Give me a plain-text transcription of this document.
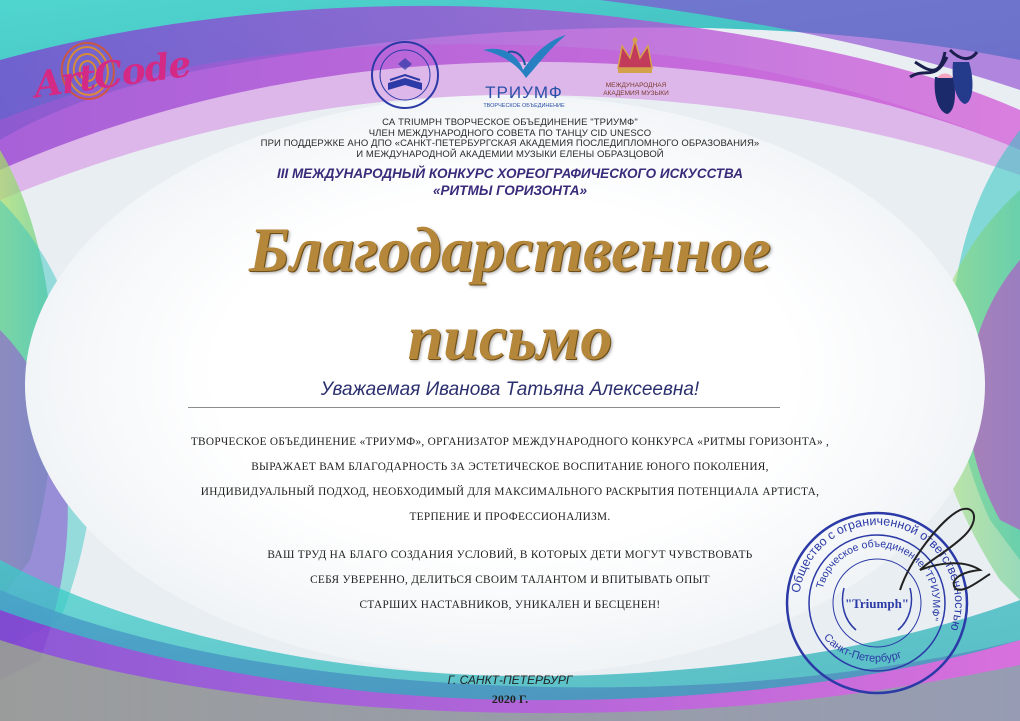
ArtCode	ТРИУМФ
ТВОРЧЕСКОЕ ОБЪЕДИНЕНИЕ
МЕЖДУНАРОДНАЯ
АКАДЕМИЯ МУЗЫКИ
СА TRIUMPH ТВОРЧЕСКОЕ ОБЪЕДИНЕНИЕ "ТРИУМФ"
ЧЛЕН МЕЖДУНАРОДНОГО СОВЕТА ПО ТАНЦУ CID UNESCO
ПРИ ПОДДЕРЖКЕ АНО ДПО «САНКТ-ПЕТЕРБУРГСКАЯ АКАДЕМИЯ ПОСЛЕДИПЛОМНОГО ОБРАЗОВАНИЯ»
И МЕЖДУНАРОДНОЙ АКАДЕМИИ МУЗЫКИ ЕЛЕНЫ ОБРАЗЦОВОЙ
III МЕЖДУНАРОДНЫЙ КОНКУРС ХОРЕОГРАФИЧЕСКОГО ИСКУССТВА
«РИТМЫ ГОРИЗОНТА»
Благодарственное
письмо
Уважаемая Иванова Татьяна Алексеевна!
ТВОРЧЕСКОЕ ОБЪЕДИНЕНИЕ «ТРИУМФ», ОРГАНИЗАТОР МЕЖДУНАРОДНОГО КОНКУРСА «РИТМЫ ГОРИЗОНТА» ,
ВЫРАЖАЕТ ВАМ БЛАГОДАРНОСТЬ ЗА ЭСТЕТИЧЕСКОЕ ВОСПИТАНИЕ ЮНОГО ПОКОЛЕНИЯ,
ИНДИВИДУАЛЬНЫЙ ПОДХОД, НЕОБХОДИМЫЙ ДЛЯ МАКСИМАЛЬНОГО РАСКРЫТИЯ ПОТЕНЦИАЛА АРТИСТА,
ТЕРПЕНИЕ И ПРОФЕССИОНАЛИЗМ.
ВАШ ТРУД НА БЛАГО СОЗДАНИЯ УСЛОВИЙ, В КОТОРЫХ ДЕТИ МОГУТ ЧУВСТВОВАТЬ
СЕБЯ УВЕРЕННО, ДЕЛИТЬСЯ СВОИМ ТАЛАНТОМ И ВПИТЫВАТЬ ОПЫТ
СТАРШИХ НАСТАВНИКОВ, УНИКАЛЕН И БЕСЦЕНЕН!
Г. САНКТ-ПЕТЕРБУРГ
2020 Г.
Общество с ограниченной ответственностью
Творческое объединение "ТРИУМФ"
"Triumph"
Санкт-Петербург
